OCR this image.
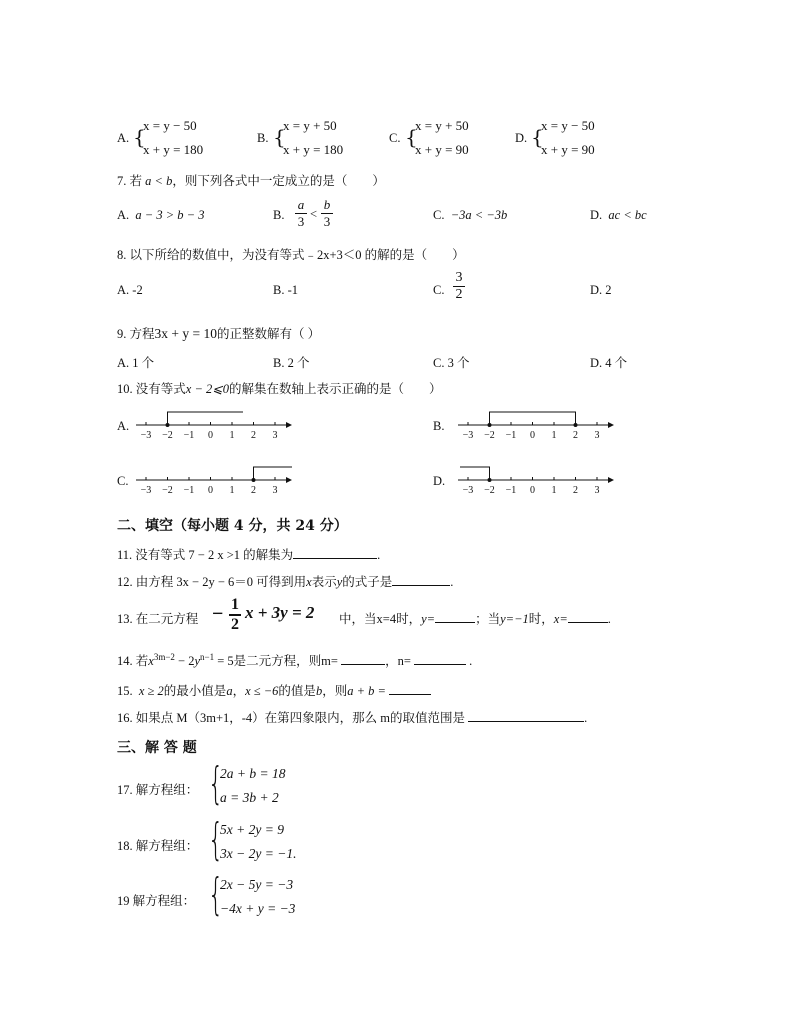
A. {
x = y − 50
x + y = 180
B. {
x = y + 50
x + y = 180
C. {
x = y + 50
x + y = 90
D. {
x = y − 50
x + y = 90
7. 若 a < b，则下列各式中一定成立的是（　　）
A. a − 3 > b − 3	B. $\frac{a}{3} < \frac{b}{3}$	C. −3a < −3b	D. ac < bc
8. 以下所给的数值中，为没有等式﹣2x+3＜0 的解的是（　　）
A. -2	B. -1	C. $\frac{3}{2}$	D. 2
9. 方程3x + y = 10的正整数解有（ ）
A. 1 个	B. 2 个	C. 3 个	D. 4 个
10. 没有等式x − 2⩽0的解集在数轴上表示正确的是（　　）
A.
−3 −2 −1 0 1 2 3
B.
−3 −2 −1 0 1 2 3
C.
−3 −2 −1 0 1 2 3
D.
−3 −2 −1 0 1 2 3
二、填空（每小题 4 分，共 24 分）
11. 没有等式 7 − 2 x >1 的解集为	.
12. 由方程 3x − 2y − 6＝0 可得到用x表示y的式子是	.
13. 在二元方程 − $\frac{1}{2}$ x + 3y = 2 中，当x=4时，y=	；当y=−1时，x=	.
14. 若$x^{3m-2} - 2y^{n-1} = 5$是二元方程，则m=	，n=	.
15. x ≥ 2的最小值是a，x ≤ −6的值是b，则a + b =
16. 如果点 M（3m+1，-4）在第四象限内，那么 m的取值范围是	.
三、解 答 题
17. 解方程组： {
2a + b = 18
a = 3b + 2
18. 解方程组： {
5x + 2y = 9
3x − 2y = −1.
19 解方程组： {
2x − 5y = −3
−4x + y = −3
